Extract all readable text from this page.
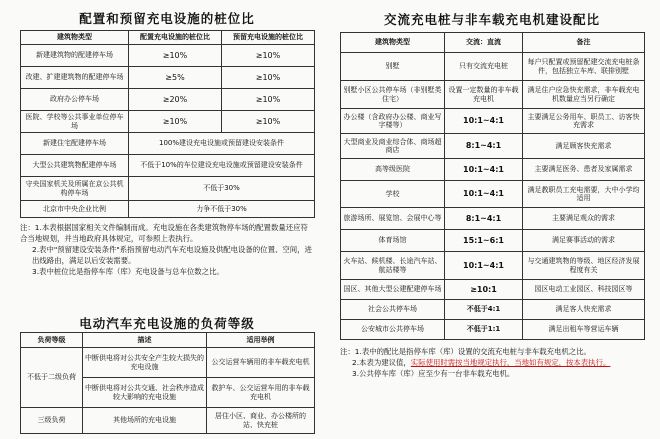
配置和预留充电设施的桩位比
建筑物类型	配置充电设施的桩位比	预留充电设施的桩位比
新建建筑物的配建停车场	≥10%	≥10%
改建、扩建建筑物的配建停车场	≥5%	≥10%
政府办公停车场	≥20%	≥10%
医院、学校等公共事业单位停车场	≥10%	≥10%
新建住宅配建停车场	100%建设充电设施或预留建设安装条件	
大型公共建筑物配建停车场	不低于10%的车位建设充电设施或预留建设安装条件	
守央国家机关及所属在京公共机构停车场	不低于30%	
北京市中央企业比例	力争不低于30%	

注：1.本表根据国家相关文件编制而成。充电设施在各类建筑物停车场的配置数量还应符合当地规划，并当地政府具体规定，可参照上表执行。

2.表中"预留建设安装条件"系指预留电动汽车充电设施及供配电设备的位置、空间，进出线路由，满足以后安装需要。

3.表中桩位比是指停车库（库）充电设备与总车位数之比。

电动汽车充电设施的负荷等级
负荷等级	描述	适用举例
不低于二级负荷	中断供电将对公共安全产生较大损失的充电设施	公交运营车辆用的非车载充电机
	中断供电将对公共交通、社会秩序造成较大影响的充电设施	救护车、公交运营车用的非车载充电机
三级负荷	其他场所的充电设施	居住小区、商业、办公楼所的站、快充桩
交流充电桩与非车载充电机建设配比
建筑物类型	交流：直流	备注
别墅	只有交流充电桩	每户只配置或预留配建交流充电桩条件，包括独立车库、联排别墅
别墅小区公共停车场（非别墅类住宅）	设置一定数量的非车载充电机	满足住户应急快充需求，非车载充电机数量应当另行确定
办公楼（含政府办公楼、商业写字楼等）	10:1~4:1	主要满足公务用车、职员工、访客快充需求
大型商业及商业综合体、商场超商店	8:1~4:1	满足顾客快充需求
高等级医院	10:1~4:1	主要满足医务、患者及家属需求
学校	10:1~4:1	满足教职员工充电需要，大中小学均适用
旅游场所、展览馆、会展中心等	8:1~4:1	主要满足观众的需求
体育场馆	15:1~6:1	满足赛事活动的需求
火车站、候机楼、长途汽车站、航站楼等	10:1~4:1	与交通建筑物的等级、地区经济发展程度有关
国区、其他大型公建配建停车场	≥10:1	园区电动工业园区、科技园区等
社会公共停车场	不低于4:1	满足客人快充需求
公安城市公共停车场	不低于1:1	满足出租车等营运车辆

注：1.表中的配比是指停车库（库）设置的交流充电桩与非车载充电机之比。

2.本表为建议值，实际使用时需按当地规定执行，当地如有规定，按本表执行。

3.公共停车库（库）应至少有一台非车载充电机。
